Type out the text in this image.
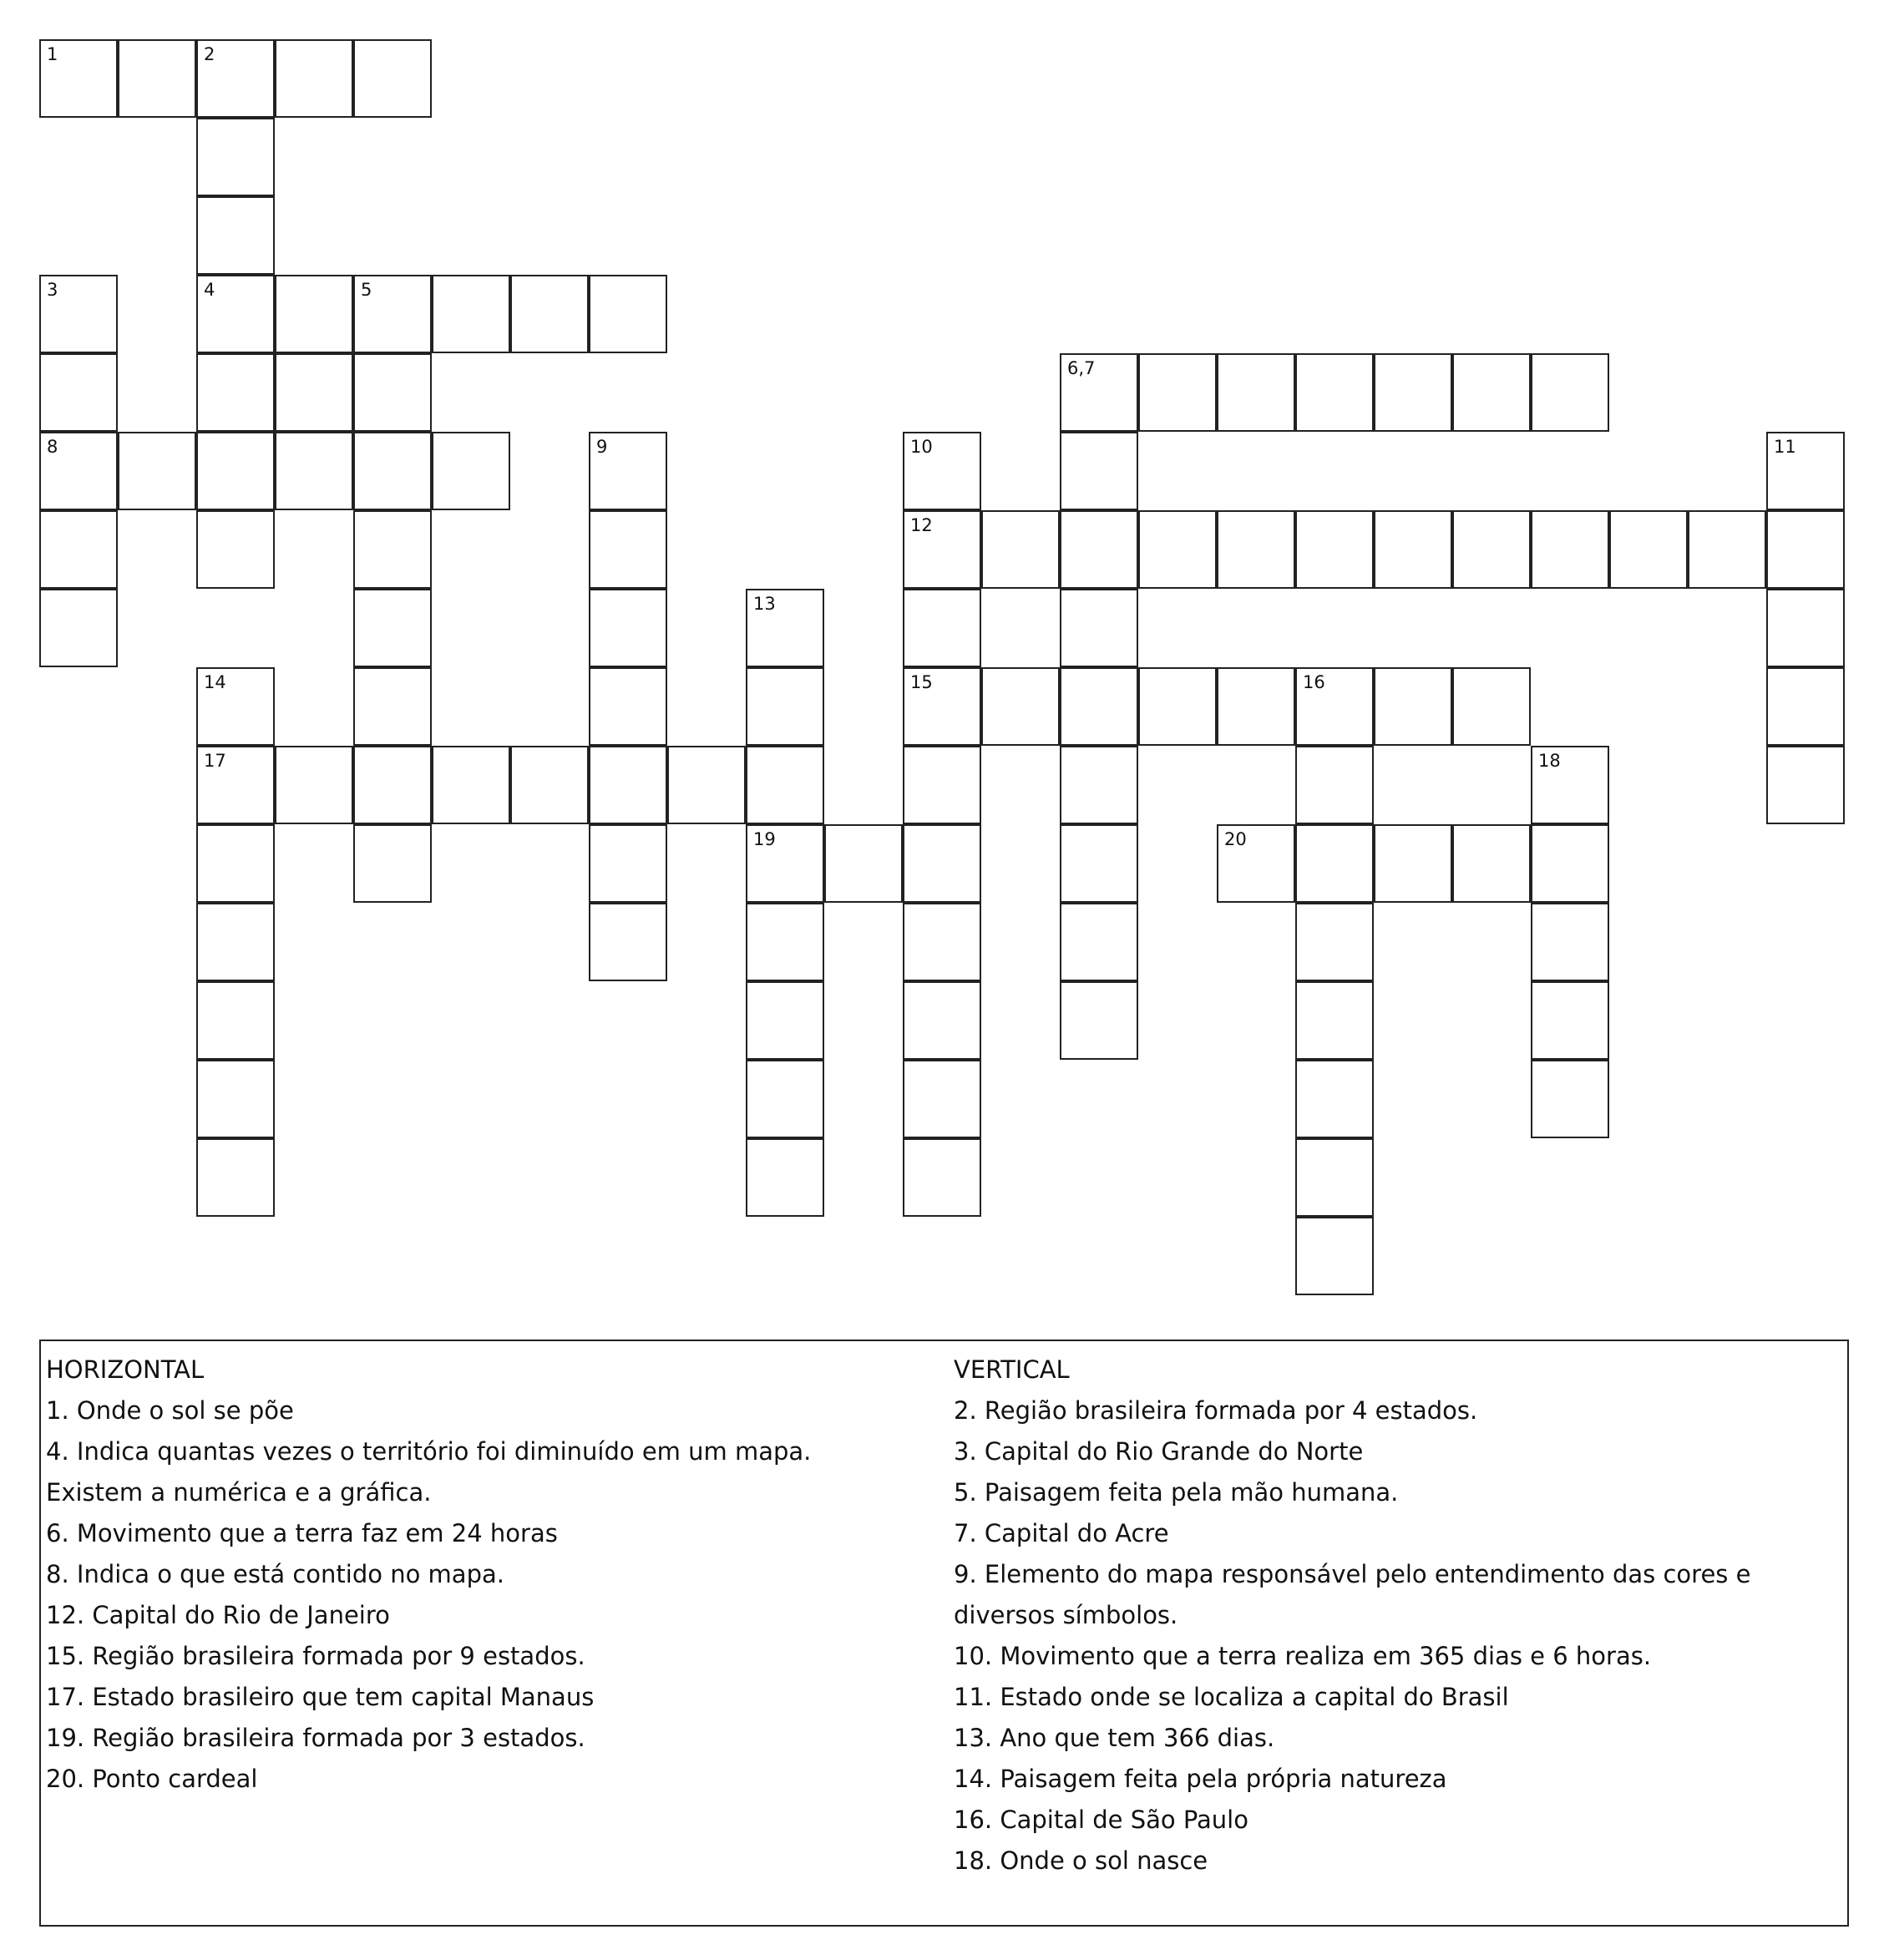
1	2
3	4	5
6,7
8	9	10	11
12
13
14	15	16
17	18
19	20
HORIZONTAL

1. Onde o sol se põe

4. Indica quantas vezes o território foi diminuído em um mapa. Existem a numérica e a gráfica.

6. Movimento que a terra faz em 24 horas

8. Indica o que está contido no mapa.

12. Capital do Rio de Janeiro

15. Região brasileira formada por 9 estados.

17. Estado brasileiro que tem capital Manaus

19. Região brasileira formada por 3 estados.

20. Ponto cardeal

VERTICAL

2. Região brasileira formada por 4 estados.

3. Capital do Rio Grande do Norte

5. Paisagem feita pela mão humana.

7. Capital do Acre

9. Elemento do mapa responsável pelo entendimento das cores e diversos símbolos.

10. Movimento que a terra realiza em 365 dias e 6 horas.

11. Estado onde se localiza a capital do Brasil

13. Ano que tem 366 dias.

14. Paisagem feita pela própria natureza

16. Capital de São Paulo

18. Onde o sol nasce
